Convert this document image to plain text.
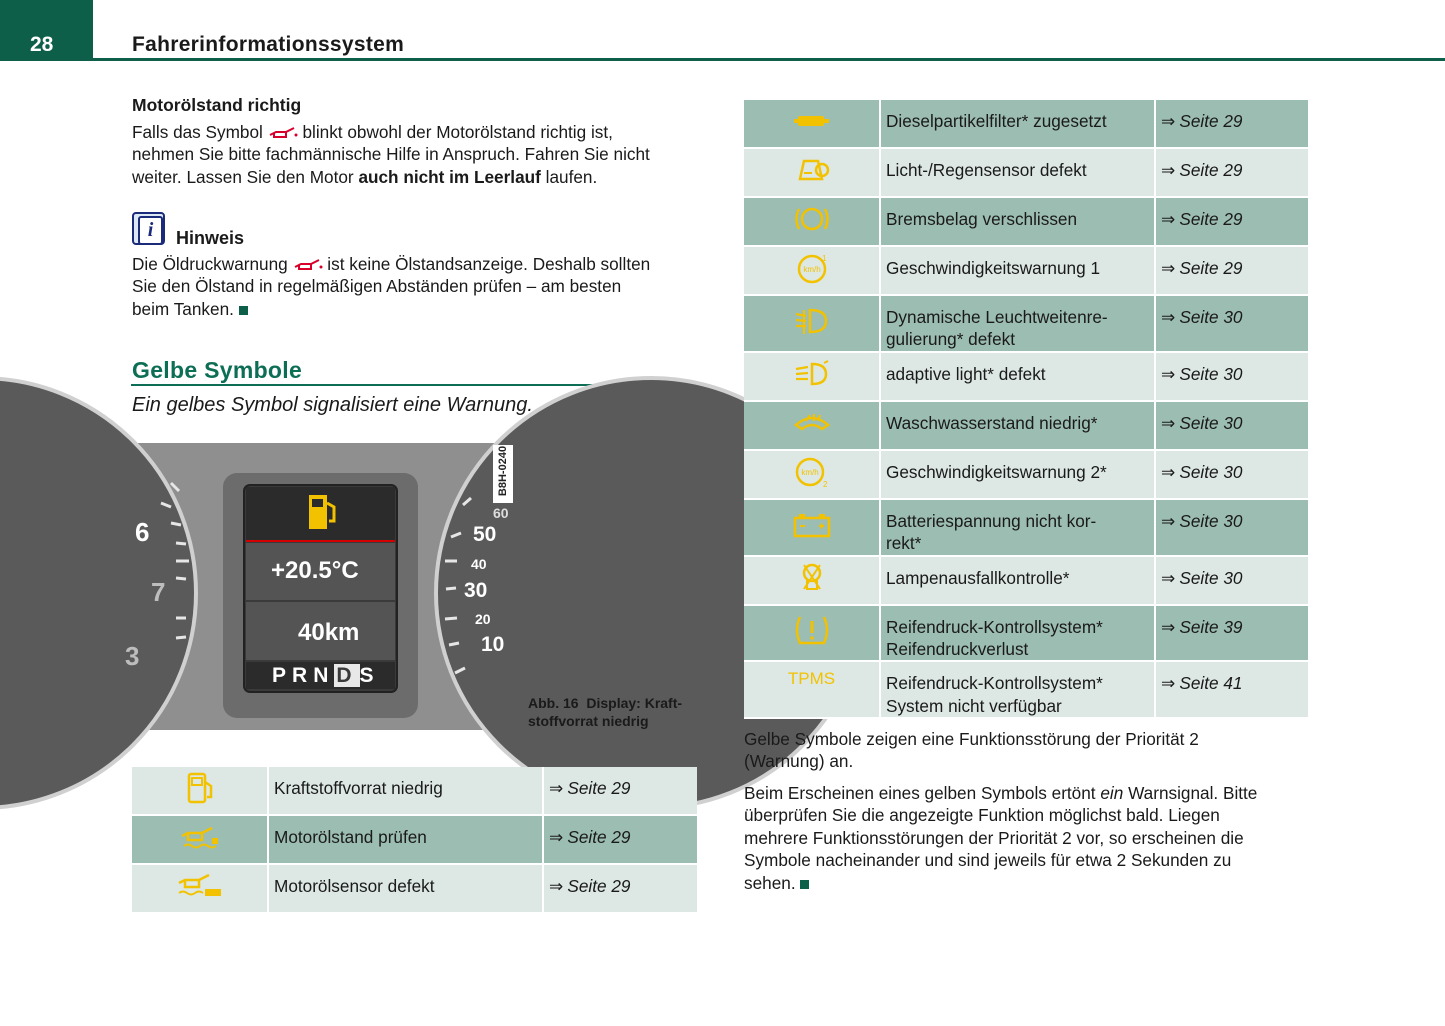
28	Fahrerinformationssystem
Motorölstand richtig
Falls das Symbol blinkt obwohl der Motorölstand richtig ist,
nehmen Sie bitte fachmännische Hilfe in Anspruch. Fahren Sie nicht
weiter. Lassen Sie den Motor auch nicht im Leerlauf laufen.
i	Hinweis
Die Öldruckwarnung ist keine Ölstandsanzeige. Deshalb sollten
Sie den Ölstand in regelmäßigen Abständen prüfen – am besten
beim Tanken.
Gelbe Symbole
Ein gelbes Symbol signalisiert eine Warnung.
+20.5°C
40km
PRNDS
6
7
3
60
50
40
30
20
10
B8H-0240
Abb. 16 Display: Kraft-
stoffvorrat niedrig
	Kraftstoffvorrat niedrig	⇒ Seite 29
	Motorölstand prüfen	⇒ Seite 29
	Motorölsensor defekt	⇒ Seite 29
	Dieselpartikelfilter* zugesetzt	⇒ Seite 29
	Licht-/Regensensor defekt	⇒ Seite 29
	Bremsbelag verschlissen	⇒ Seite 29

km/h
1	Geschwindigkeitswarnung 1	⇒ Seite 29

Dynamische Leuchtweitenre-
gulierung* defekt	⇒ Seite 30
	adaptive light* defekt	⇒ Seite 30
	Waschwasserstand niedrig*	⇒ Seite 30

km/h
2	Geschwindigkeitswarnung 2*	⇒ Seite 30

Batteriespannung nicht kor-
rekt*	⇒ Seite 30
	Lampenausfallkontrolle*	⇒ Seite 30

Reifendruck-Kontrollsystem*
Reifendruckverlust	⇒ Seite 39
TPMS	Reifendruck-Kontrollsystem*
System nicht verfügbar	⇒ Seite 41
Gelbe Symbole zeigen eine Funktionsstörung der Priorität 2
(Warnung) an.
Beim Erscheinen eines gelben Symbols ertönt ein Warnsignal. Bitte
überprüfen Sie die angezeigte Funktion möglichst bald. Liegen
mehrere Funktionsstörungen der Priorität 2 vor, so erscheinen die
Symbole nacheinander und sind jeweils für etwa 2 Sekunden zu
sehen.
